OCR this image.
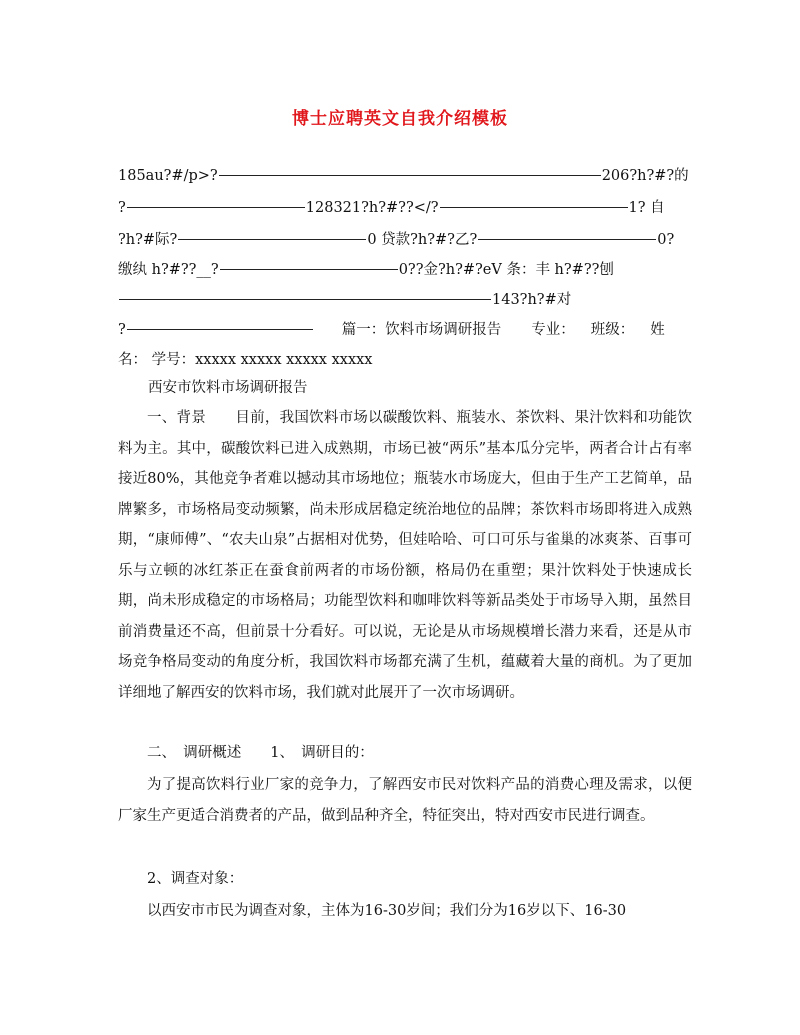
博士应聘英文自我介绍模板
185au?#/p>?	206?h?#?的
?	128321?h?#??</?	1? 自
?h?#际?	0 贷款?h?#?乙?	0?
缴纨 h?#??__?	0??金?h?#?eV 条：丰 h?#??刨
143?h?#对
?	篇一：饮料市场调研报告 专业： 班级： 姓
名： 学号：xxxxx xxxxx xxxxx xxxxx
西安市饮料市场调研报告
一、背景　　目前，我国饮料市场以碳酸饮料、瓶装水、茶饮料、果汁饮料和功能饮料为主。其中，碳酸饮料已进入成熟期，市场已被“两乐”基本瓜分完毕，两者合计占有率接近80%，其他竞争者难以撼动其市场地位；瓶装水市场庞大，但由于生产工艺简单，品牌繁多，市场格局变动频繁，尚未形成居稳定统治地位的品牌；茶饮料市场即将进入成熟期，“康师傅”、“农夫山泉”占据相对优势，但娃哈哈、可口可乐与雀巢的冰爽茶、百事可乐与立顿的冰红茶正在蚕食前两者的市场份额，格局仍在重塑；果汁饮料处于快速成长期，尚未形成稳定的市场格局；功能型饮料和咖啡饮料等新品类处于市场导入期，虽然目前消费量还不高，但前景十分看好。可以说，无论是从市场规模增长潜力来看，还是从市场竞争格局变动的角度分析，我国饮料市场都充满了生机，蕴藏着大量的商机。为了更加详细地了解西安的饮料市场，我们就对此展开了一次市场调研。
二、　调研概述　　1、　调研目的：
为了提高饮料行业厂家的竞争力，了解西安市民对饮料产品的消费心理及需求，以便厂家生产更适合消费者的产品，做到品种齐全，特征突出，特对西安市民进行调查。
2、调查对象：
以西安市市民为调查对象，主体为16-30岁间；我们分为16岁以下、16-30
